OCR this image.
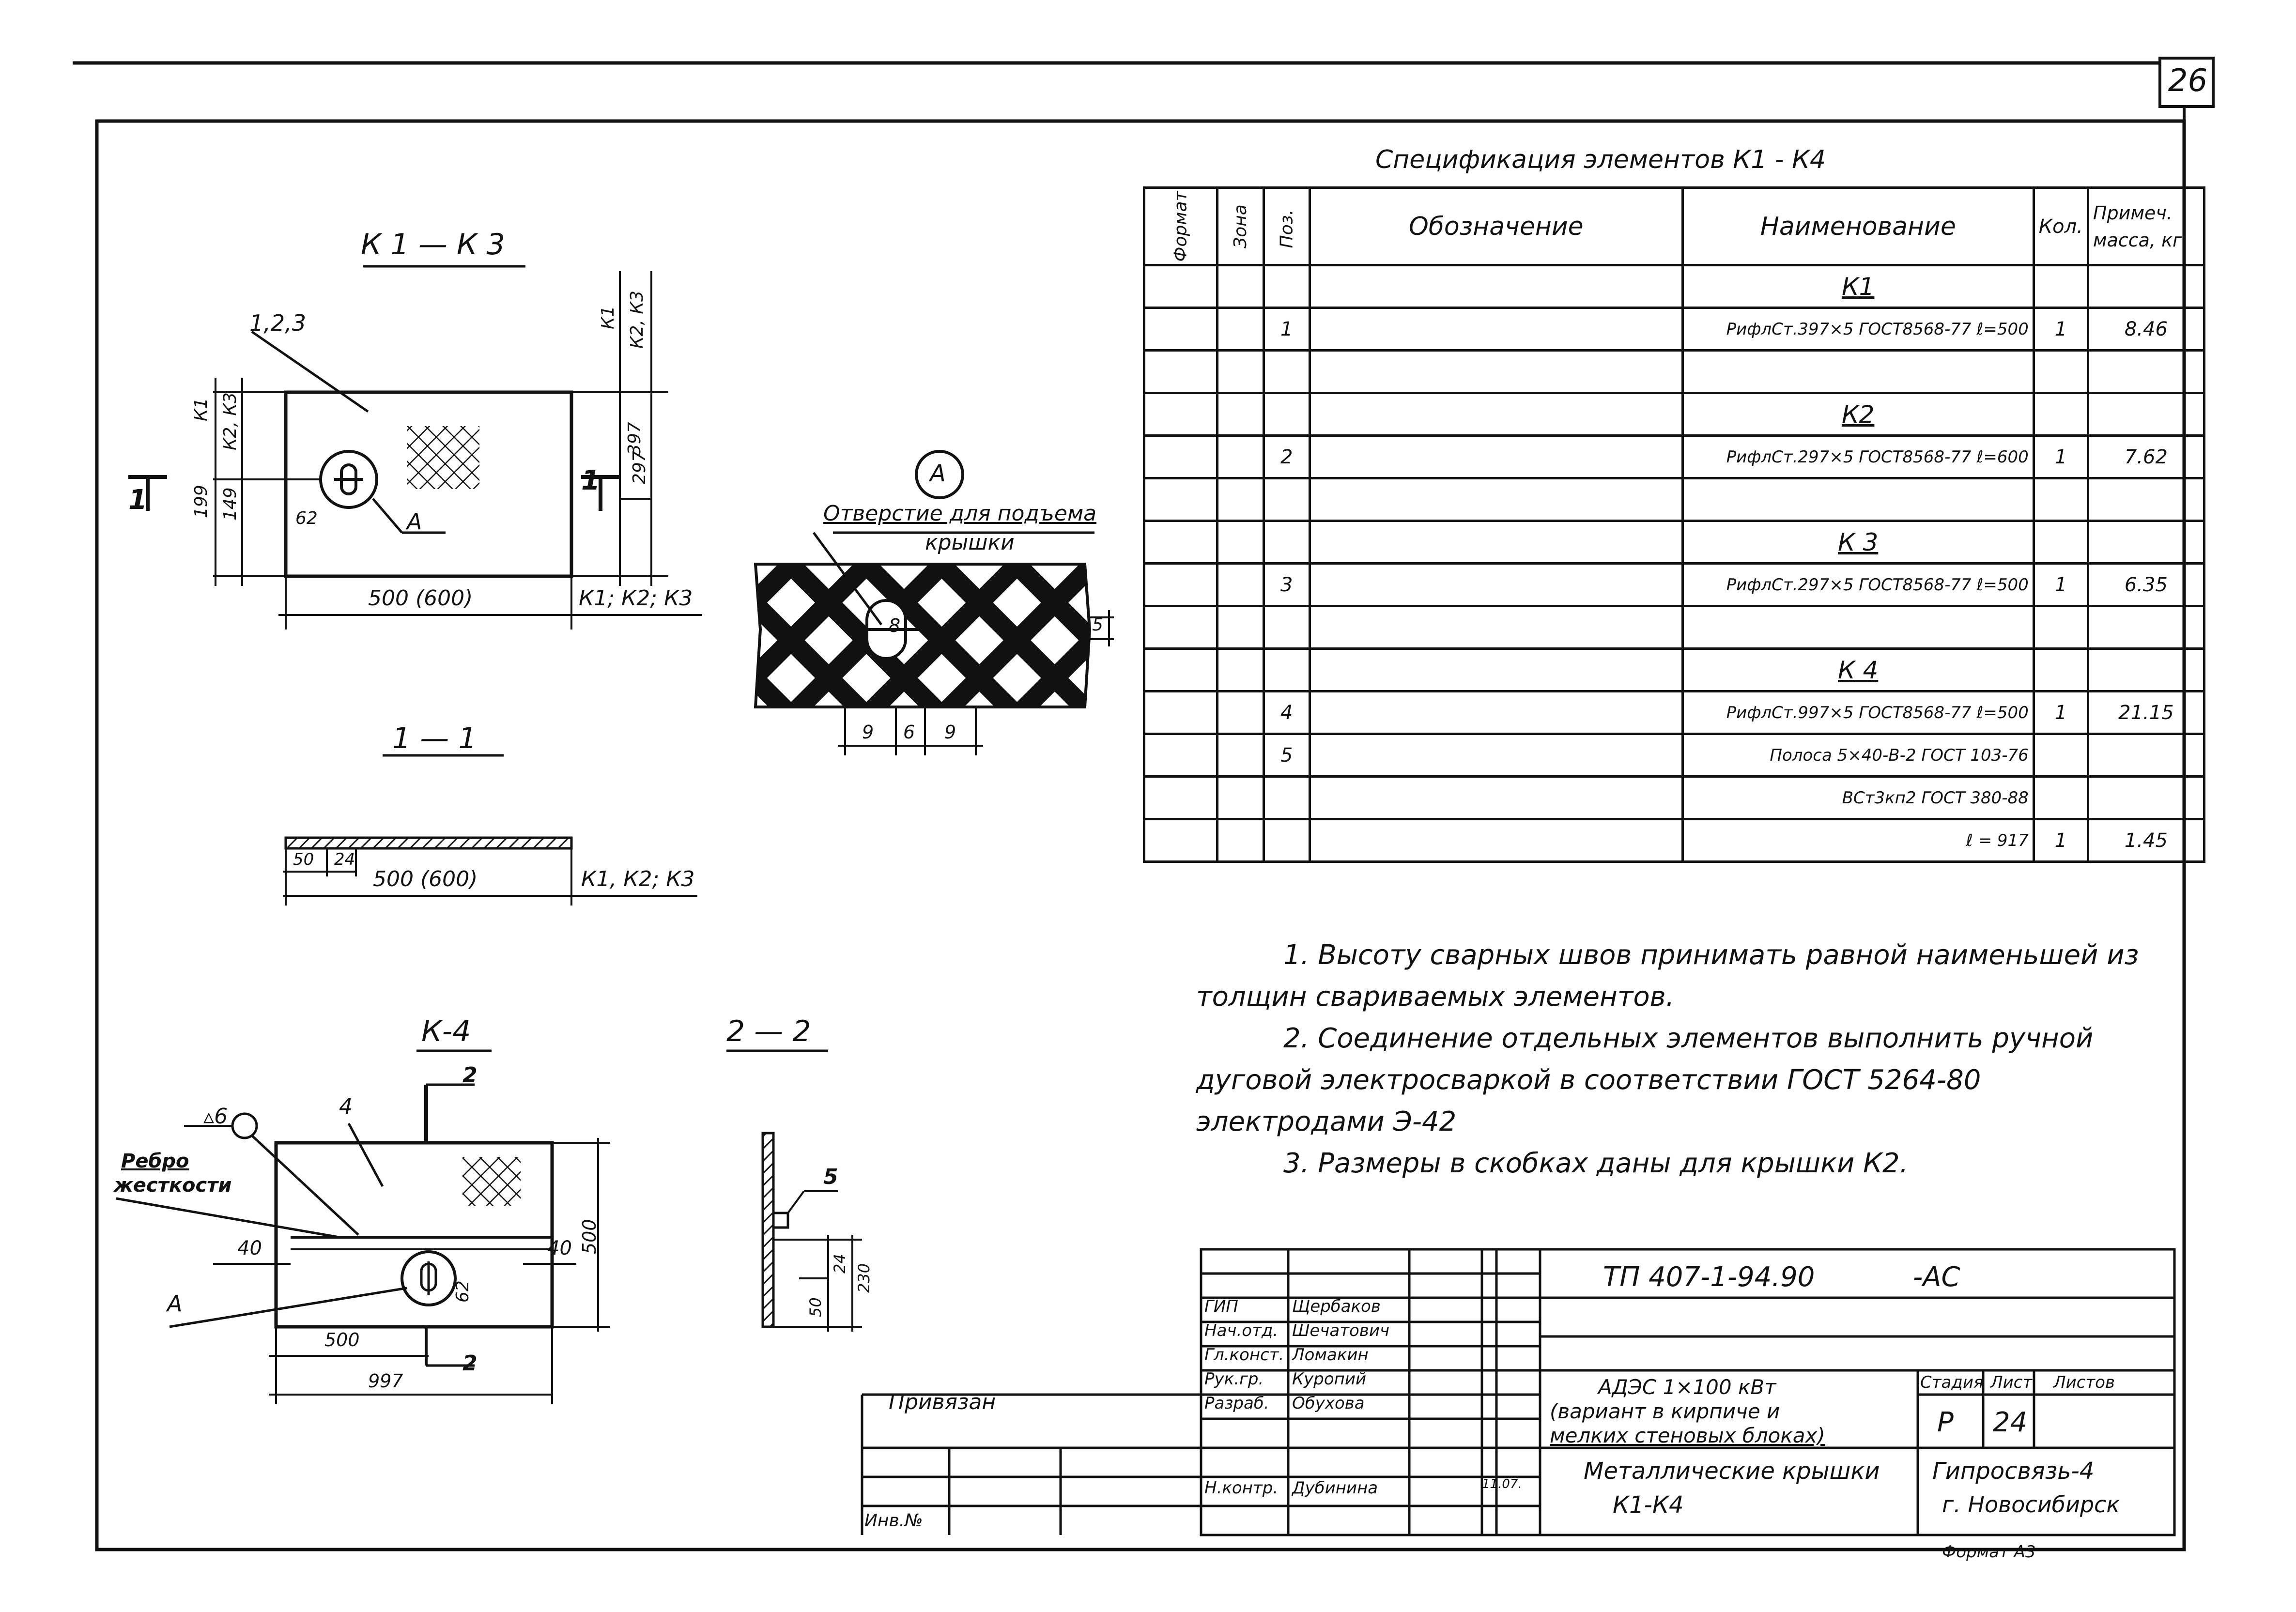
26
К 1 — К 3
1,2,3
1
1
А
62
500 (600)	К1; К2; К3
199 149
К1 К2, К3	397
297
К1 К2, К3
А
Отверстие для подъема
крышки
8
9 6 9
5
1 — 1
50 24
500 (600)	К1, К2; К3
К-4	2 — 2
▵6	4
Ребро
жесткости
40	40
А	62
500
500
997
2
2
5
50
24 230
Спецификация элементов К1 - К4
Формат	Зона	Поз.	Обозначение	Наименование	Кол.	Примеч.
масса, кг

				К1		
		1		РифлСт.397×5 ГОСТ8568-77 ℓ=500	1	8.46

				К2		
		2		РифлСт.297×5 ГОСТ8568-77 ℓ=600	1	7.62

				К 3		
		3		РифлСт.297×5 ГОСТ8568-77 ℓ=500	1	6.35

				К 4		
		4		РифлСт.997×5 ГОСТ8568-77 ℓ=500	1	21.15
		5		Полоса 5×40-В-2 ГОСТ 103-76		
				ВСт3кп2 ГОСТ 380-88		
				ℓ = 917	1	1.45
1. Высоту сварных швов принимать равной наименьшей из толщин свариваемых элементов.
2. Соединение отдельных элементов выполнить ручной дуговой электросваркой в соответствии ГОСТ 5264-80 электродами Э-42
3. Размеры в скобках даны для крышки К2.
ТП 407-1-94.90	-АС
Привязан
Инв.№
ГИП	Щербаков
Нач.отд. Шечатович
Гл.конст. Ломакин
Рук.гр. Куропий
Разраб. Обухова
Н.контр. Дубинина	11.07.
АДЭС 1×100 кВт
(вариант в кирпиче и
мелких стеновых блоках)
Металлические крышки
К1-К4
Стадия Лист Листов
Р 24
Гипросвязь-4
г. Новосибирск
Формат А3
